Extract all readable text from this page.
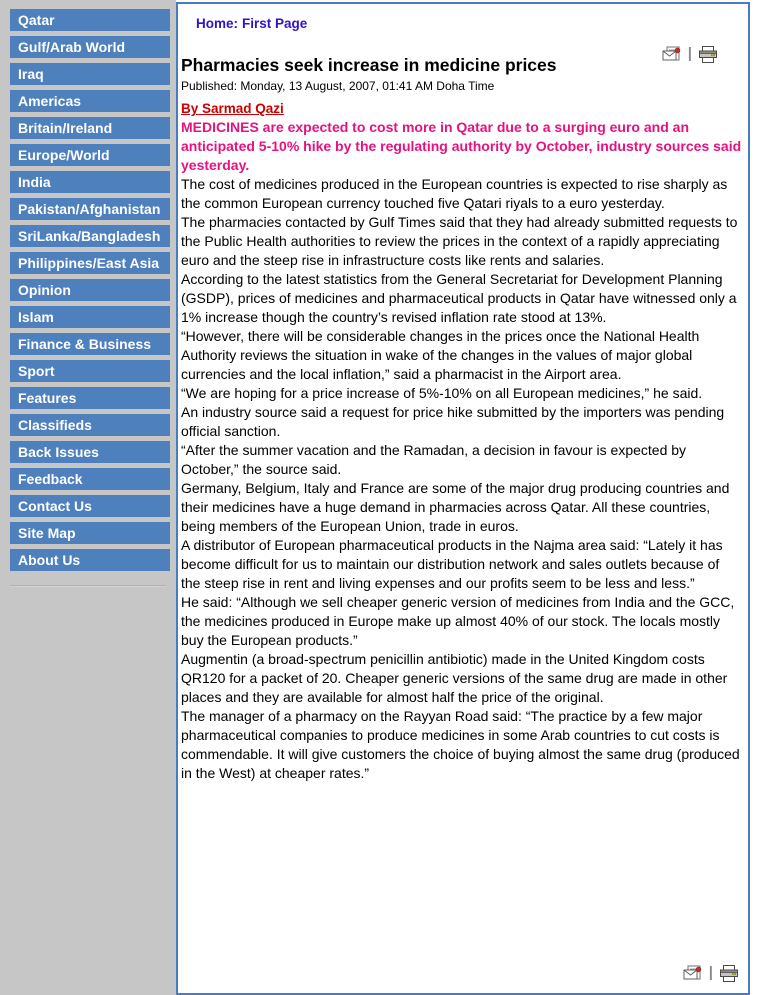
Qatar
Gulf/Arab World
Iraq
Americas
Britain/Ireland
Europe/World
India
Pakistan/Afghanistan
SriLanka/Bangladesh
Philippines/East Asia
Opinion
Islam
Finance & Business
Sport
Features
Classifieds
Back Issues
Feedback
Contact Us
Site Map
About Us
Home: First Page
|
Pharmacies seek increase in medicine prices
Published: Monday, 13 August, 2007, 01:41 AM Doha Time
By Sarmad Qazi
MEDICINES are expected to cost more in Qatar due to a surging euro and an anticipated 5-10% hike by the regulating authority by October, industry sources said yesterday.
The cost of medicines produced in the European countries is expected to rise sharply as the common European currency touched five Qatari riyals to a euro yesterday.
The pharmacies contacted by Gulf Times said that they had already submitted requests to the Public Health authorities to review the prices in the context of a rapidly appreciating euro and the steep rise in infrastructure costs like rents and salaries.
According to the latest statistics from the General Secretariat for Development Planning (GSDP), prices of medicines and pharmaceutical products in Qatar have witnessed only a 1% increase though the country’s revised inflation rate stood at 13%.
“However, there will be considerable changes in the prices once the National Health Authority reviews the situation in wake of the changes in the values of major global currencies and the local inflation,” said a pharmacist in the Airport area.
“We are hoping for a price increase of 5%-10% on all European medicines,” he said.
An industry source said a request for price hike submitted by the importers was pending official sanction.
“After the summer vacation and the Ramadan, a decision in favour is expected by October,” the source said.
Germany, Belgium, Italy and France are some of the major drug producing countries and their medicines have a huge demand in pharmacies across Qatar. All these countries, being members of the European Union, trade in euros.
A distributor of European pharmaceutical products in the Najma area said: “Lately it has become difficult for us to maintain our distribution network and sales outlets because of the steep rise in rent and living expenses and our profits seem to be less and less.”
He said: “Although we sell cheaper generic version of medicines from India and the GCC, the medicines produced in Europe make up almost 40% of our stock. The locals mostly buy the European products.”
Augmentin (a broad-spectrum penicillin antibiotic) made in the United Kingdom costs QR120 for a packet of 20. Cheaper generic versions of the same drug are made in other places and they are available for almost half the price of the original.
The manager of a pharmacy on the Rayyan Road said: “The practice by a few major pharmaceutical companies to produce medicines in some Arab countries to cut costs is commendable. It will give customers the choice of buying almost the same drug (produced in the West) at cheaper rates.”
|
